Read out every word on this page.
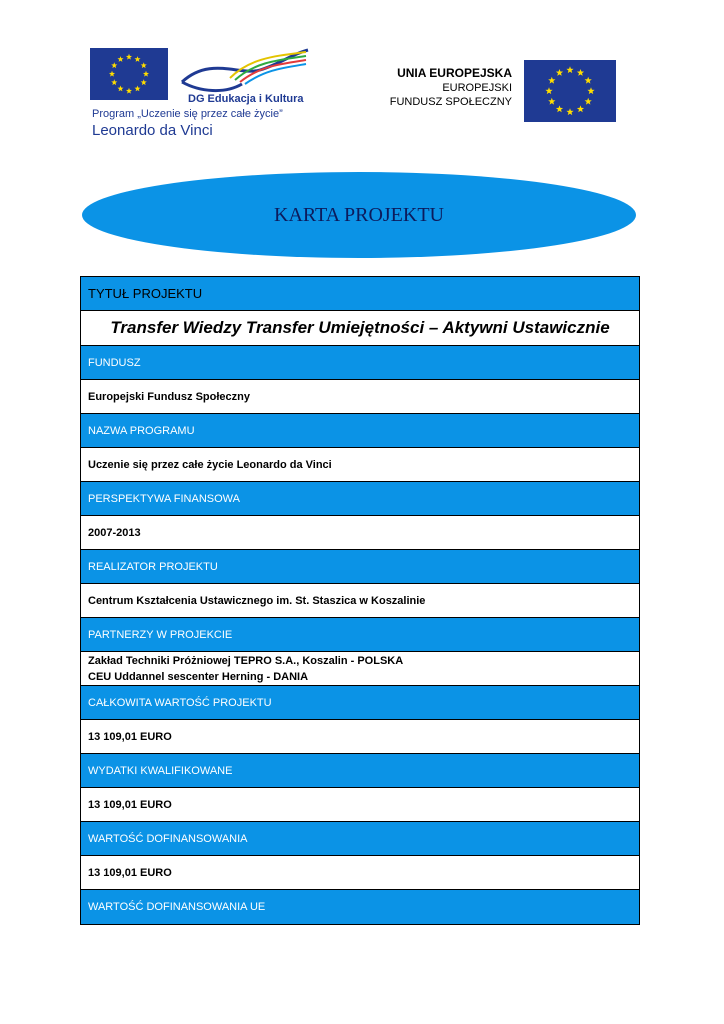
DG Edukacja i Kultura
Program „Uczenie się przez całe życie”
Leonardo da Vinci
UNIA EUROPEJSKA
EUROPEJSKI
FUNDUSZ SPOŁECZNY
KARTA PROJEKTU
TYTUŁ PROJEKTU
Transfer Wiedzy Transfer Umiejętności – Aktywni Ustawicznie
FUNDUSZ
Europejski Fundusz Społeczny
NAZWA PROGRAMU
Uczenie się przez całe życie Leonardo da Vinci
PERSPEKTYWA FINANSOWA
2007-2013
REALIZATOR PROJEKTU
Centrum Kształcenia Ustawicznego im. St. Staszica w Koszalinie
PARTNERZY W PROJEKCIE
Zakład Techniki Próżniowej TEPRO S.A., Koszalin - POLSKA
CEU Uddannel sescenter Herning - DANIA
CAŁKOWITA WARTOŚĆ PROJEKTU
13 109,01 EURO
WYDATKI KWALIFIKOWANE
13 109,01 EURO
WARTOŚĆ DOFINANSOWANIA
13 109,01 EURO
WARTOŚĆ DOFINANSOWANIA UE
